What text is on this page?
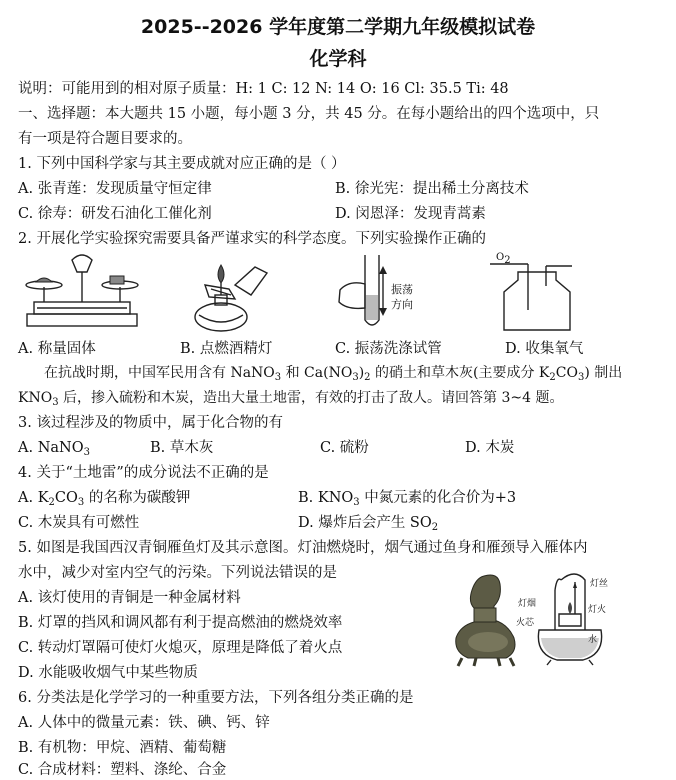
2025--2026 学年度第二学期九年级模拟试卷
化学科
说明：可能用到的相对原子质量：H: 1 C: 12 N: 14 O: 16 Cl: 35.5 Ti: 48
一、选择题：本大题共 15 小题，每小题 3 分，共 45 分。在每小题给出的四个选项中，只
有一项是符合题目要求的。
1. 下列中国科学家与其主要成就对应正确的是（ ）
A. 张青莲：发现质量守恒定律	B. 徐光宪：提出稀土分离技术
C. 徐寿：研发石油化工催化剂	D. 闵恩泽：发现青蒿素
2. 开展化学实验探究需要具备严谨求实的科学态度。下列实验操作正确的
振荡
方向
O2
A. 称量固体	B. 点燃酒精灯	C. 振荡洗涤试管	D. 收集氧气
在抗战时期，中国军民用含有 NaNO$_3$ 和 $Ca(NO_3)_2$ 的硝土和草木灰(主要成分 $K_2CO_3$) 制出
$KNO_3$ 后，掺入硫粉和木炭，造出大量土地雷，有效的打击了敌人。请回答第 3~4 题。
3. 该过程涉及的物质中，属于化合物的有
A. NaNO$_3$	B. 草木灰	C. 硫粉	D. 木炭
4. 关于“土地雷”的成分说法不正确的是
A. $K_2CO_3$ 的名称为碳酸钾	B. $KNO_3$ 中氮元素的化合价为+3
C. 木炭具有可燃性	D. 爆炸后会产生 $SO_2$
5. 如图是我国西汉青铜雁鱼灯及其示意图。灯油燃烧时，烟气通过鱼身和雁颈导入雁体内
水中，减少对室内空气的污染。下列说法错误的是
A. 该灯使用的青铜是一种金属材料
B. 灯罩的挡风和调风都有利于提高燃油的燃烧效率
C. 转动灯罩隔可使灯火熄灭，原理是降低了着火点
D. 水能吸收烟气中某些物质
灯丝
灯烟
灯火
火芯
水
6. 分类法是化学学习的一种重要方法，下列各组分类正确的是
A. 人体中的微量元素：铁、碘、钙、锌
B. 有机物：甲烷、酒精、葡萄糖
C. 合成材料：塑料、涤纶、合金
